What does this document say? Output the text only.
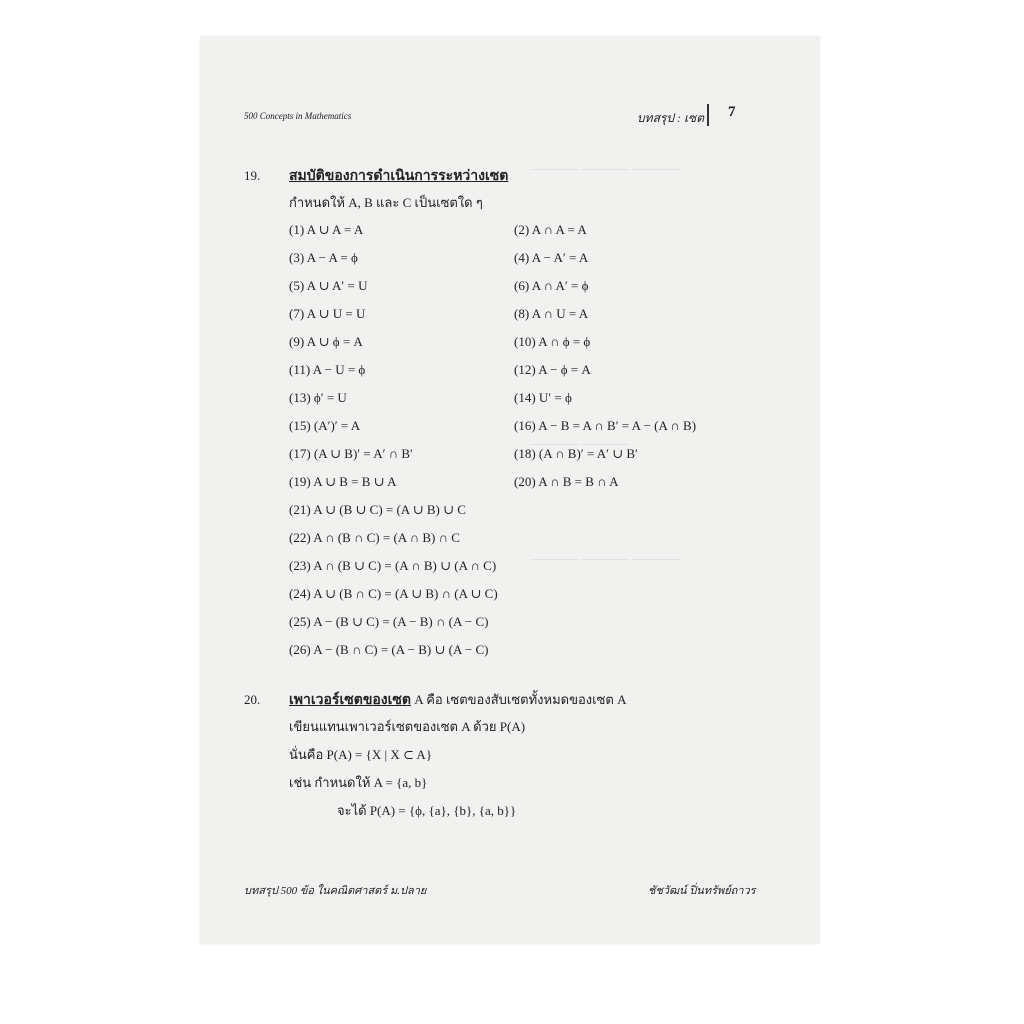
———— ———— ————
———— ————
———— ———— ————
500 Concepts in Mathematics	บทสรุป : เซต 7
19. สมบัติของการดำเนินการระหว่างเซต
กำหนดให้ A, B และ C เป็นเซตใด ๆ
(1) A ∪ A = A	(2) A ∩ A = A
(3) A − A = ϕ	(4) A − A′ = A
(5) A ∪ A′ = U	(6) A ∩ A′ = ϕ
(7) A ∪ U = U	(8) A ∩ U = A
(9) A ∪ ϕ = A	(10) A ∩ ϕ = ϕ
(11) A − U = ϕ	(12) A − ϕ = A
(13) ϕ′ = U	(14) U′ = ϕ
(15) (A′)′ = A	(16) A − B = A ∩ B′ = A − (A ∩ B)
(17) (A ∪ B)′ = A′ ∩ B′	(18) (A ∩ B)′ = A′ ∪ B′
(19) A ∪ B = B ∪ A	(20) A ∩ B = B ∩ A
(21) A ∪ (B ∪ C) = (A ∪ B) ∪ C
(22) A ∩ (B ∩ C) = (A ∩ B) ∩ C
(23) A ∩ (B ∪ C) = (A ∩ B) ∪ (A ∩ C)
(24) A ∪ (B ∩ C) = (A ∪ B) ∩ (A ∪ C)
(25) A − (B ∪ C) = (A − B) ∩ (A − C)
(26) A − (B ∩ C) = (A − B) ∪ (A − C)
20. เพาเวอร์เซตของเซต A คือ เซตของสับเซตทั้งหมดของเซต A
เขียนแทนเพาเวอร์เซตของเซต A ด้วย P(A)
นั่นคือ P(A) = {X | X ⊂ A}
เช่น กำหนดให้ A = {a, b}
จะได้ P(A) = {ϕ, {a}, {b}, {a, b}}
บทสรุป 500 ข้อ ในคณิตศาสตร์ ม.ปลาย	ชัชวัฒน์ ปิ่นทรัพย์ถาวร
